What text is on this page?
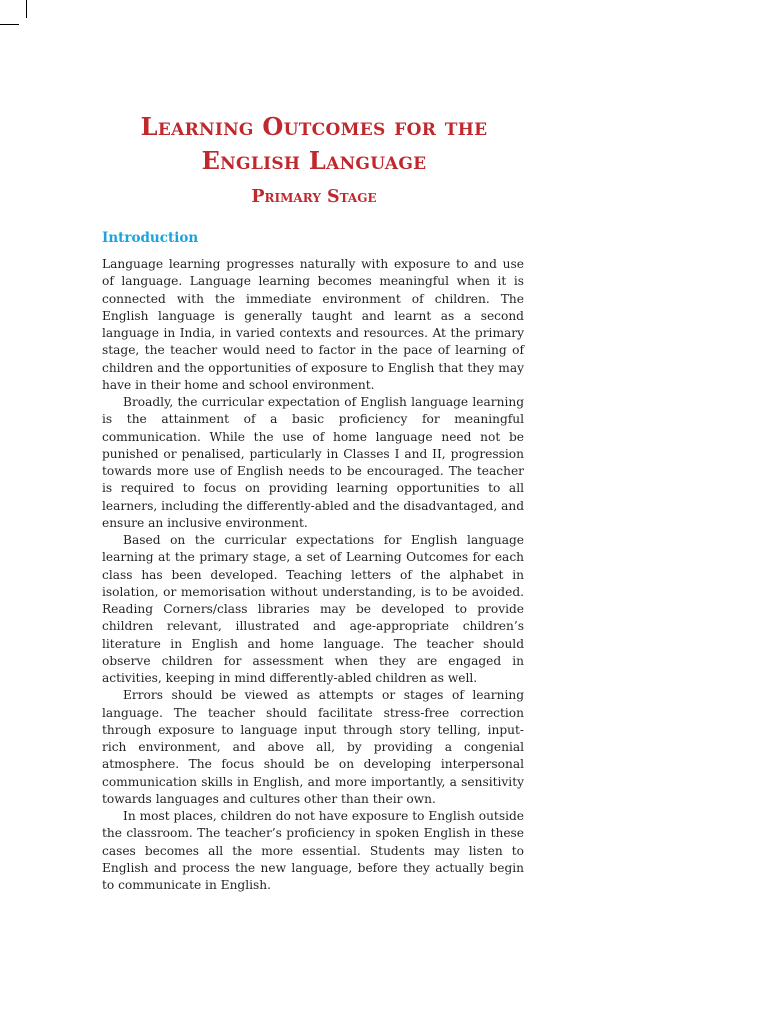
Learning Outcomes for the
English Language
Primary Stage
Introduction

Language learning progresses naturally with exposure to and use of language. Language learning becomes meaningful when it is connected with the immediate environment of children. The English language is generally taught and learnt as a second language in India, in varied contexts and resources. At the primary stage, the teacher would need to factor in the pace of learning of children and the opportunities of exposure to English that they may have in their home and school environment.

Broadly, the curricular expectation of English language learning is the attainment of a basic proficiency for meaningful communication. While the use of home language need not be punished or penalised, particularly in Classes I and II, progression towards more use of English needs to be encouraged. The teacher is required to focus on providing learning opportunities to all learners, including the differently-abled and the disadvantaged, and ensure an inclusive environment.

Based on the curricular expectations for English language learning at the primary stage, a set of Learning Outcomes for each class has been developed. Teaching letters of the alphabet in isolation, or memorisation without understanding, is to be avoided. Reading Corners/class libraries may be developed to provide children relevant, illustrated and age-appropriate children’s literature in English and home language. The teacher should observe children for assessment when they are engaged in activities, keeping in mind differently-abled children as well.

Errors should be viewed as attempts or stages of learning language. The teacher should facilitate stress-free correction through exposure to language input through story telling, input-rich environment, and above all, by providing a congenial atmosphere. The focus should be on developing interpersonal communication skills in English, and more importantly, a sensitivity towards languages and cultures other than their own.

In most places, children do not have exposure to English outside the classroom. The teacher’s proficiency in spoken English in these cases becomes all the more essential. Students may listen to English and process the new language, before they actually begin to communicate in English.
